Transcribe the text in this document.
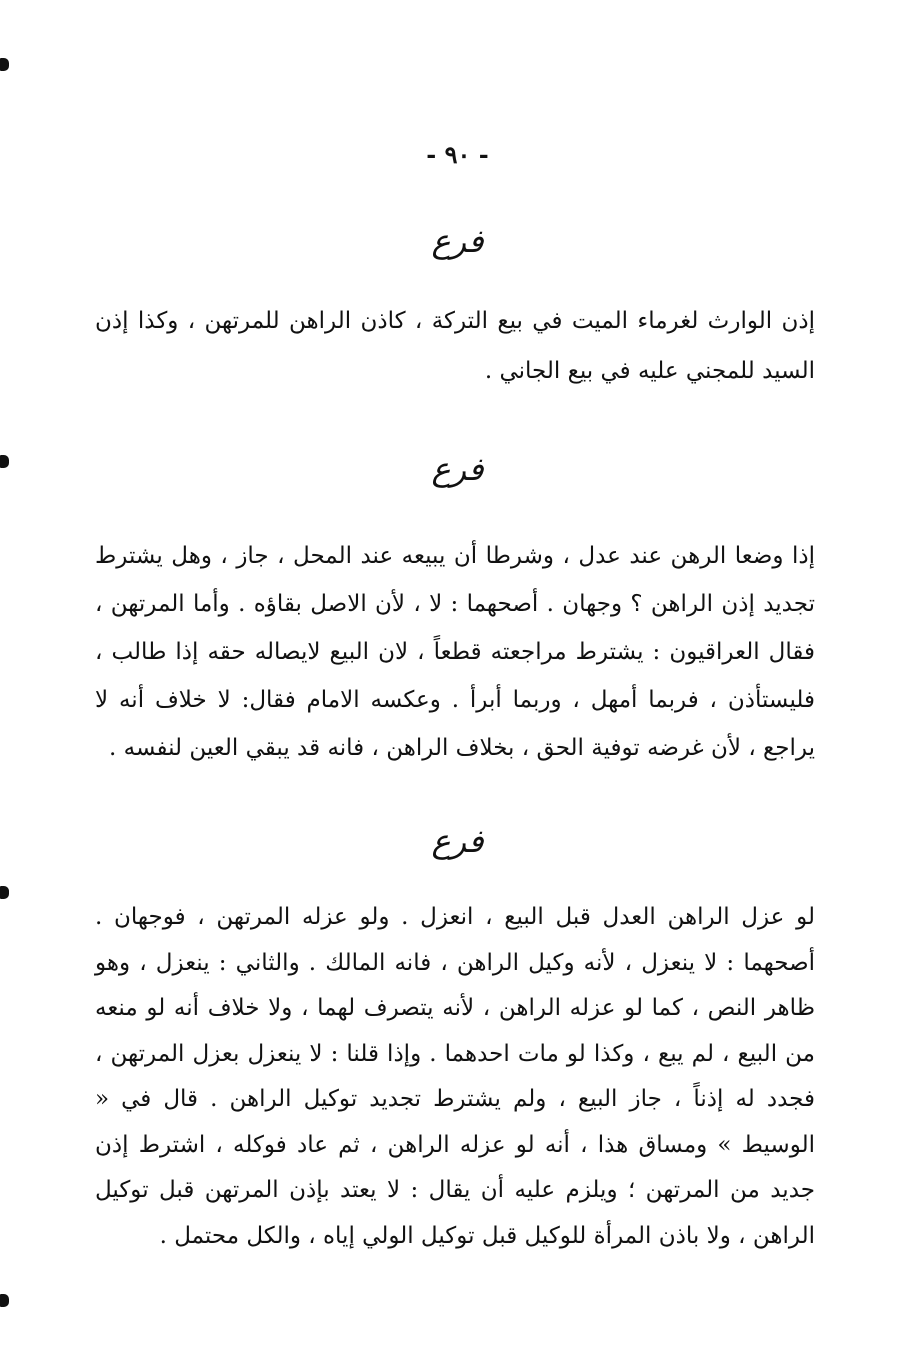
- ٩٠ -
فرع
إذن الوارث لغرماء الميت في بيع التركة ، كاذن الراهن للمرتهن ، وكذا إذن السيد للمجني عليه في بيع الجاني .
فرع
إذا وضعا الرهن عند عدل ، وشرطا أن يبيعه عند المحل ، جاز ، وهل يشترط تجديد إذن الراهن ؟ وجهان . أصحهما : لا ، لأن الاصل بقاؤه . وأما المرتهن ، فقال العراقيون : يشترط مراجعته قطعاً ، لان البيع لايصاله حقه إذا طالب ، فليستأذن ، فربما أمهل ، وربما أبرأ . وعكسه الامام فقال: لا خلاف أنه لا يراجع ، لأن غرضه توفية الحق ، بخلاف الراهن ، فانه قد يبقي العين لنفسه .
فرع
لو عزل الراهن العدل قبل البيع ، انعزل . ولو عزله المرتهن ، فوجهان . أصحهما : لا ينعزل ، لأنه وكيل الراهن ، فانه المالك . والثاني : ينعزل ، وهو ظاهر النص ، كما لو عزله الراهن ، لأنه يتصرف لهما ، ولا خلاف أنه لو منعه من البيع ، لم يبع ، وكذا لو مات احدهما . وإذا قلنا : لا ينعزل بعزل المرتهن ، فجدد له إذناً ، جاز البيع ، ولم يشترط تجديد توكيل الراهن . قال في « الوسيط » ومساق هذا ، أنه لو عزله الراهن ، ثم عاد فوكله ، اشترط إذن جديد من المرتهن ؛ ويلزم عليه أن يقال : لا يعتد بإذن المرتهن قبل توكيل الراهن ، ولا باذن المرأة للوكيل قبل توكيل الولي إياه ، والكل محتمل .
